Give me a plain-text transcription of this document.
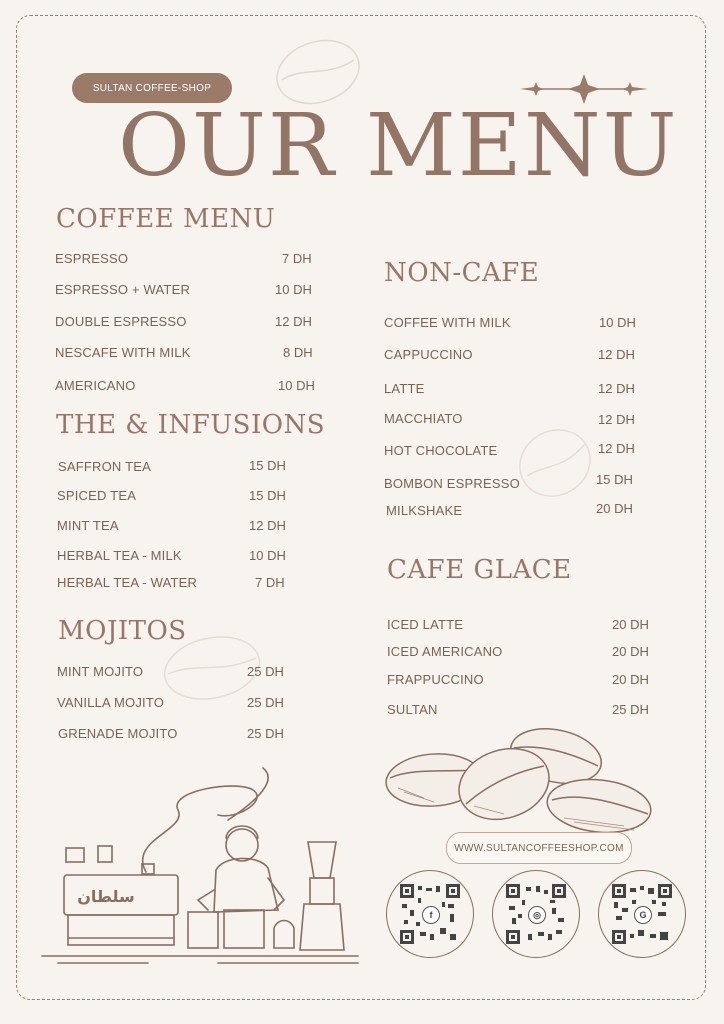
SULTAN COFFEE-SHOP
OUR MENU
COFFEE MENU
THE & INFUSIONS
MOJITOS
NON-CAFE
CAFE GLACE
ESPRESSO	7 DH
ESPRESSO + WATER	10 DH
DOUBLE ESPRESSO	12 DH
NESCAFE WITH MILK	8 DH
AMERICANO	10 DH
SAFFRON TEA	15 DH
SPICED TEA	15 DH
MINT TEA	12 DH
HERBAL TEA - MILK	10 DH
HERBAL TEA - WATER	7 DH
MINT MOJITO	25 DH
VANILLA MOJITO	25 DH
GRENADE MOJITO	25 DH
COFFEE WITH MILK	10 DH
CAPPUCCINO	12 DH
LATTE	12 DH
MACCHIATO	12 DH
HOT CHOCOLATE	12 DH
BOMBON ESPRESSO	15 DH
MILKSHAKE	20 DH
ICED LATTE	20 DH
ICED AMERICANO	20 DH
FRAPPUCCINO	20 DH
SULTAN	25 DH
WWW.SULTANCOFFEESHOP.COM
f	◎	G
سلطان
